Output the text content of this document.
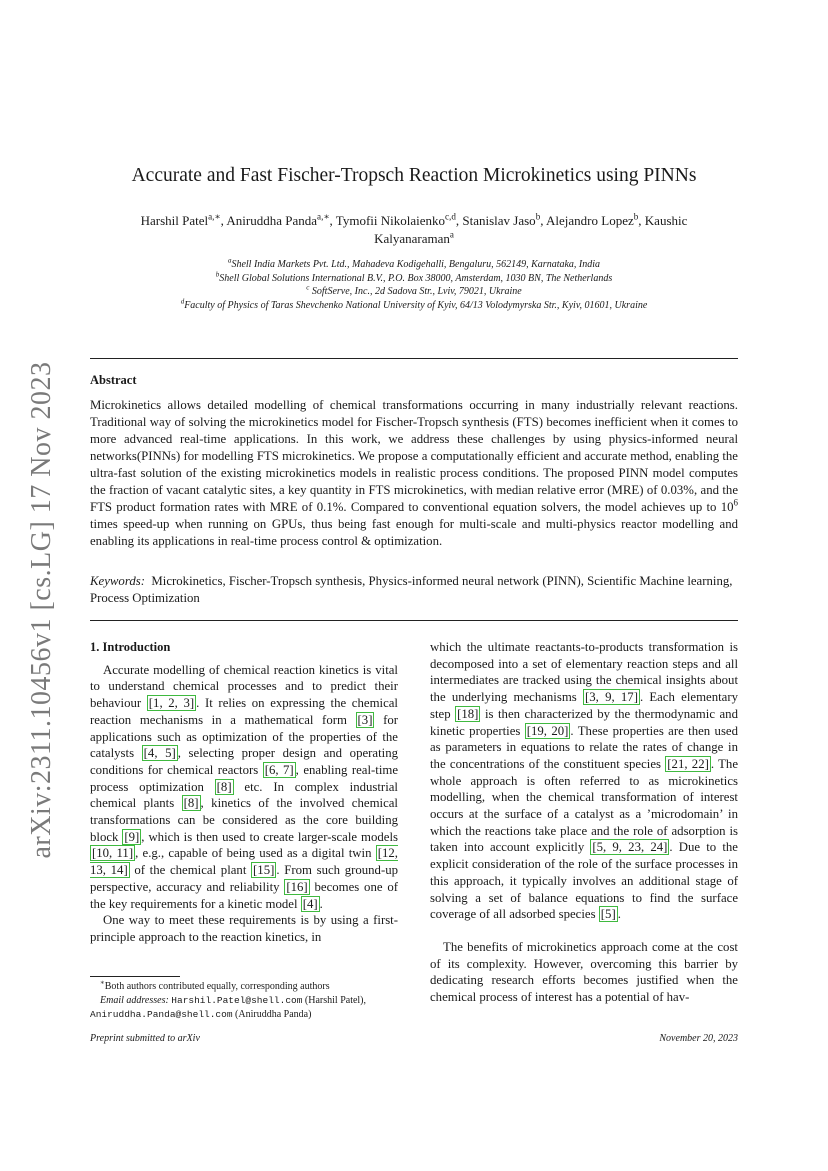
arXiv:2311.10456v1 [cs.LG] 17 Nov 2023
Accurate and Fast Fischer-Tropsch Reaction Microkinetics using PINNs
Harshil Patel$^{a,∗}$, Aniruddha Panda$^{a,∗}$, Tymofii Nikolaienko$^{c,d}$, Stanislav Jaso$^b$, Alejandro Lopez$^b$, Kaushic Kalyanaraman$^a$
$^a$Shell India Markets Pvt. Ltd., Mahadeva Kodigehalli, Bengaluru, 562149, Karnataka, India
$^b$Shell Global Solutions International B.V., P.O. Box 38000, Amsterdam, 1030 BN, The Netherlands
$^c$ SoftServe, Inc., 2d Sadova Str., Lviv, 79021, Ukraine
$^d$Faculty of Physics of Taras Shevchenko National University of Kyiv, 64/13 Volodymyrska Str., Kyiv, 01601, Ukraine
Abstract
Microkinetics allows detailed modelling of chemical transformations occurring in many industrially relevant reactions. Traditional way of solving the microkinetics model for Fischer-Tropsch synthesis (FTS) becomes inefficient when it comes to more advanced real-time applications. In this work, we address these challenges by using physics-informed neural networks(PINNs) for modelling FTS microkinetics. We propose a computationally efficient and accurate method, enabling the ultra-fast solution of the existing microkinetics models in realistic process conditions. The proposed PINN model computes the fraction of vacant catalytic sites, a key quantity in FTS microkinetics, with median relative error (MRE) of 0.03%, and the FTS product formation rates with MRE of 0.1%. Compared to conventional equation solvers, the model achieves up to $10^6$ times speed-up when running on GPUs, thus being fast enough for multi-scale and multi-physics reactor modelling and enabling its applications in real-time process control & optimization.
Keywords: Microkinetics, Fischer-Tropsch synthesis, Physics-informed neural network (PINN), Scientific Machine learning, Process Optimization
1. Introduction

Accurate modelling of chemical reaction kinetics is vital to understand chemical processes and to predict their behaviour [1, 2, 3] . It relies on expressing the chemical reaction mechanisms in a mathematical form [3] for applications such as optimization of the properties of the catalysts [4, 5] , selecting proper design and operating conditions for chemical reactors [6, 7] , enabling real-time process optimization [8] etc. In complex industrial chemical plants [8] , kinetics of the involved chemical transformations can be considered as the core building block [9] , which is then used to create larger-scale models [10, 11] , e.g., capable of being used as a digital twin [12, 13, 14] of the chemical plant [15] . From such ground-up perspective, accuracy and reliability [16] becomes one of the key requirements for a kinetic model [4] .

One way to meet these requirements is by using a first-principle approach to the reaction kinetics, in

which the ultimate reactants-to-products transformation is decomposed into a set of elementary reaction steps and all intermediates are tracked using the chemical insights about the underlying mechanisms [3, 9, 17] . Each elementary step [18] is then characterized by the thermodynamic and kinetic properties [19, 20] . These properties are then used as parameters in equations to relate the rates of change in the concentrations of the constituent species [21, 22] . The whole approach is often referred to as microkinetics modelling, when the chemical transformation of interest occurs at the surface of a catalyst as a ’microdomain’ in which the reactions take place and the role of adsorption is taken into account explicitly [5, 9, 23, 24] . Due to the explicit consideration of the role of the surface processes in this approach, it typically involves an additional stage of solving a set of balance equations to find the surface coverage of all adsorbed species [5] .

The benefits of microkinetics approach come at the cost of its complexity. However, overcoming this barrier by dedicating research efforts becomes justified when the chemical process of interest has a potential of hav-

∗Both authors contributed equally, corresponding authors
Email addresses: Harshil.Patel@shell.com (Harshil Patel),
Aniruddha.Panda@shell.com (Aniruddha Panda)
Preprint submitted to arXiv	November 20, 2023
